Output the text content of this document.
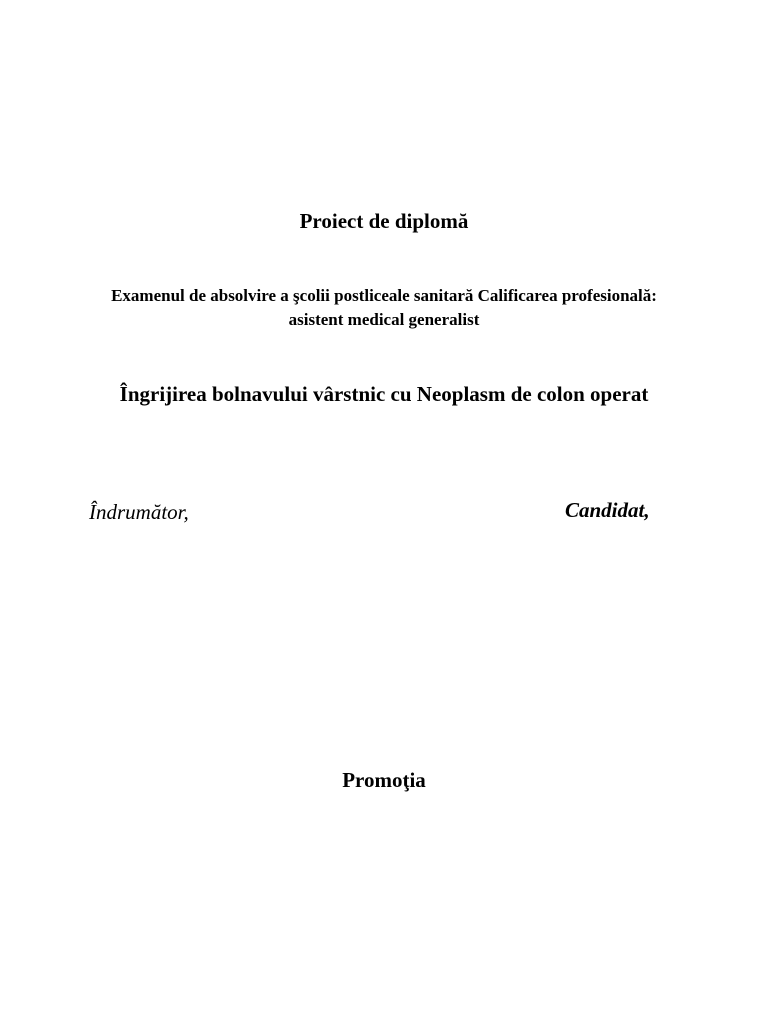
Proiect de diplomă
Examenul de absolvire a şcolii postliceale sanitară Calificarea profesională: asistent medical generalist
Îngrijirea bolnavului vârstnic cu Neoplasm de colon operat
Îndrumător,	Candidat,
Promoţia
